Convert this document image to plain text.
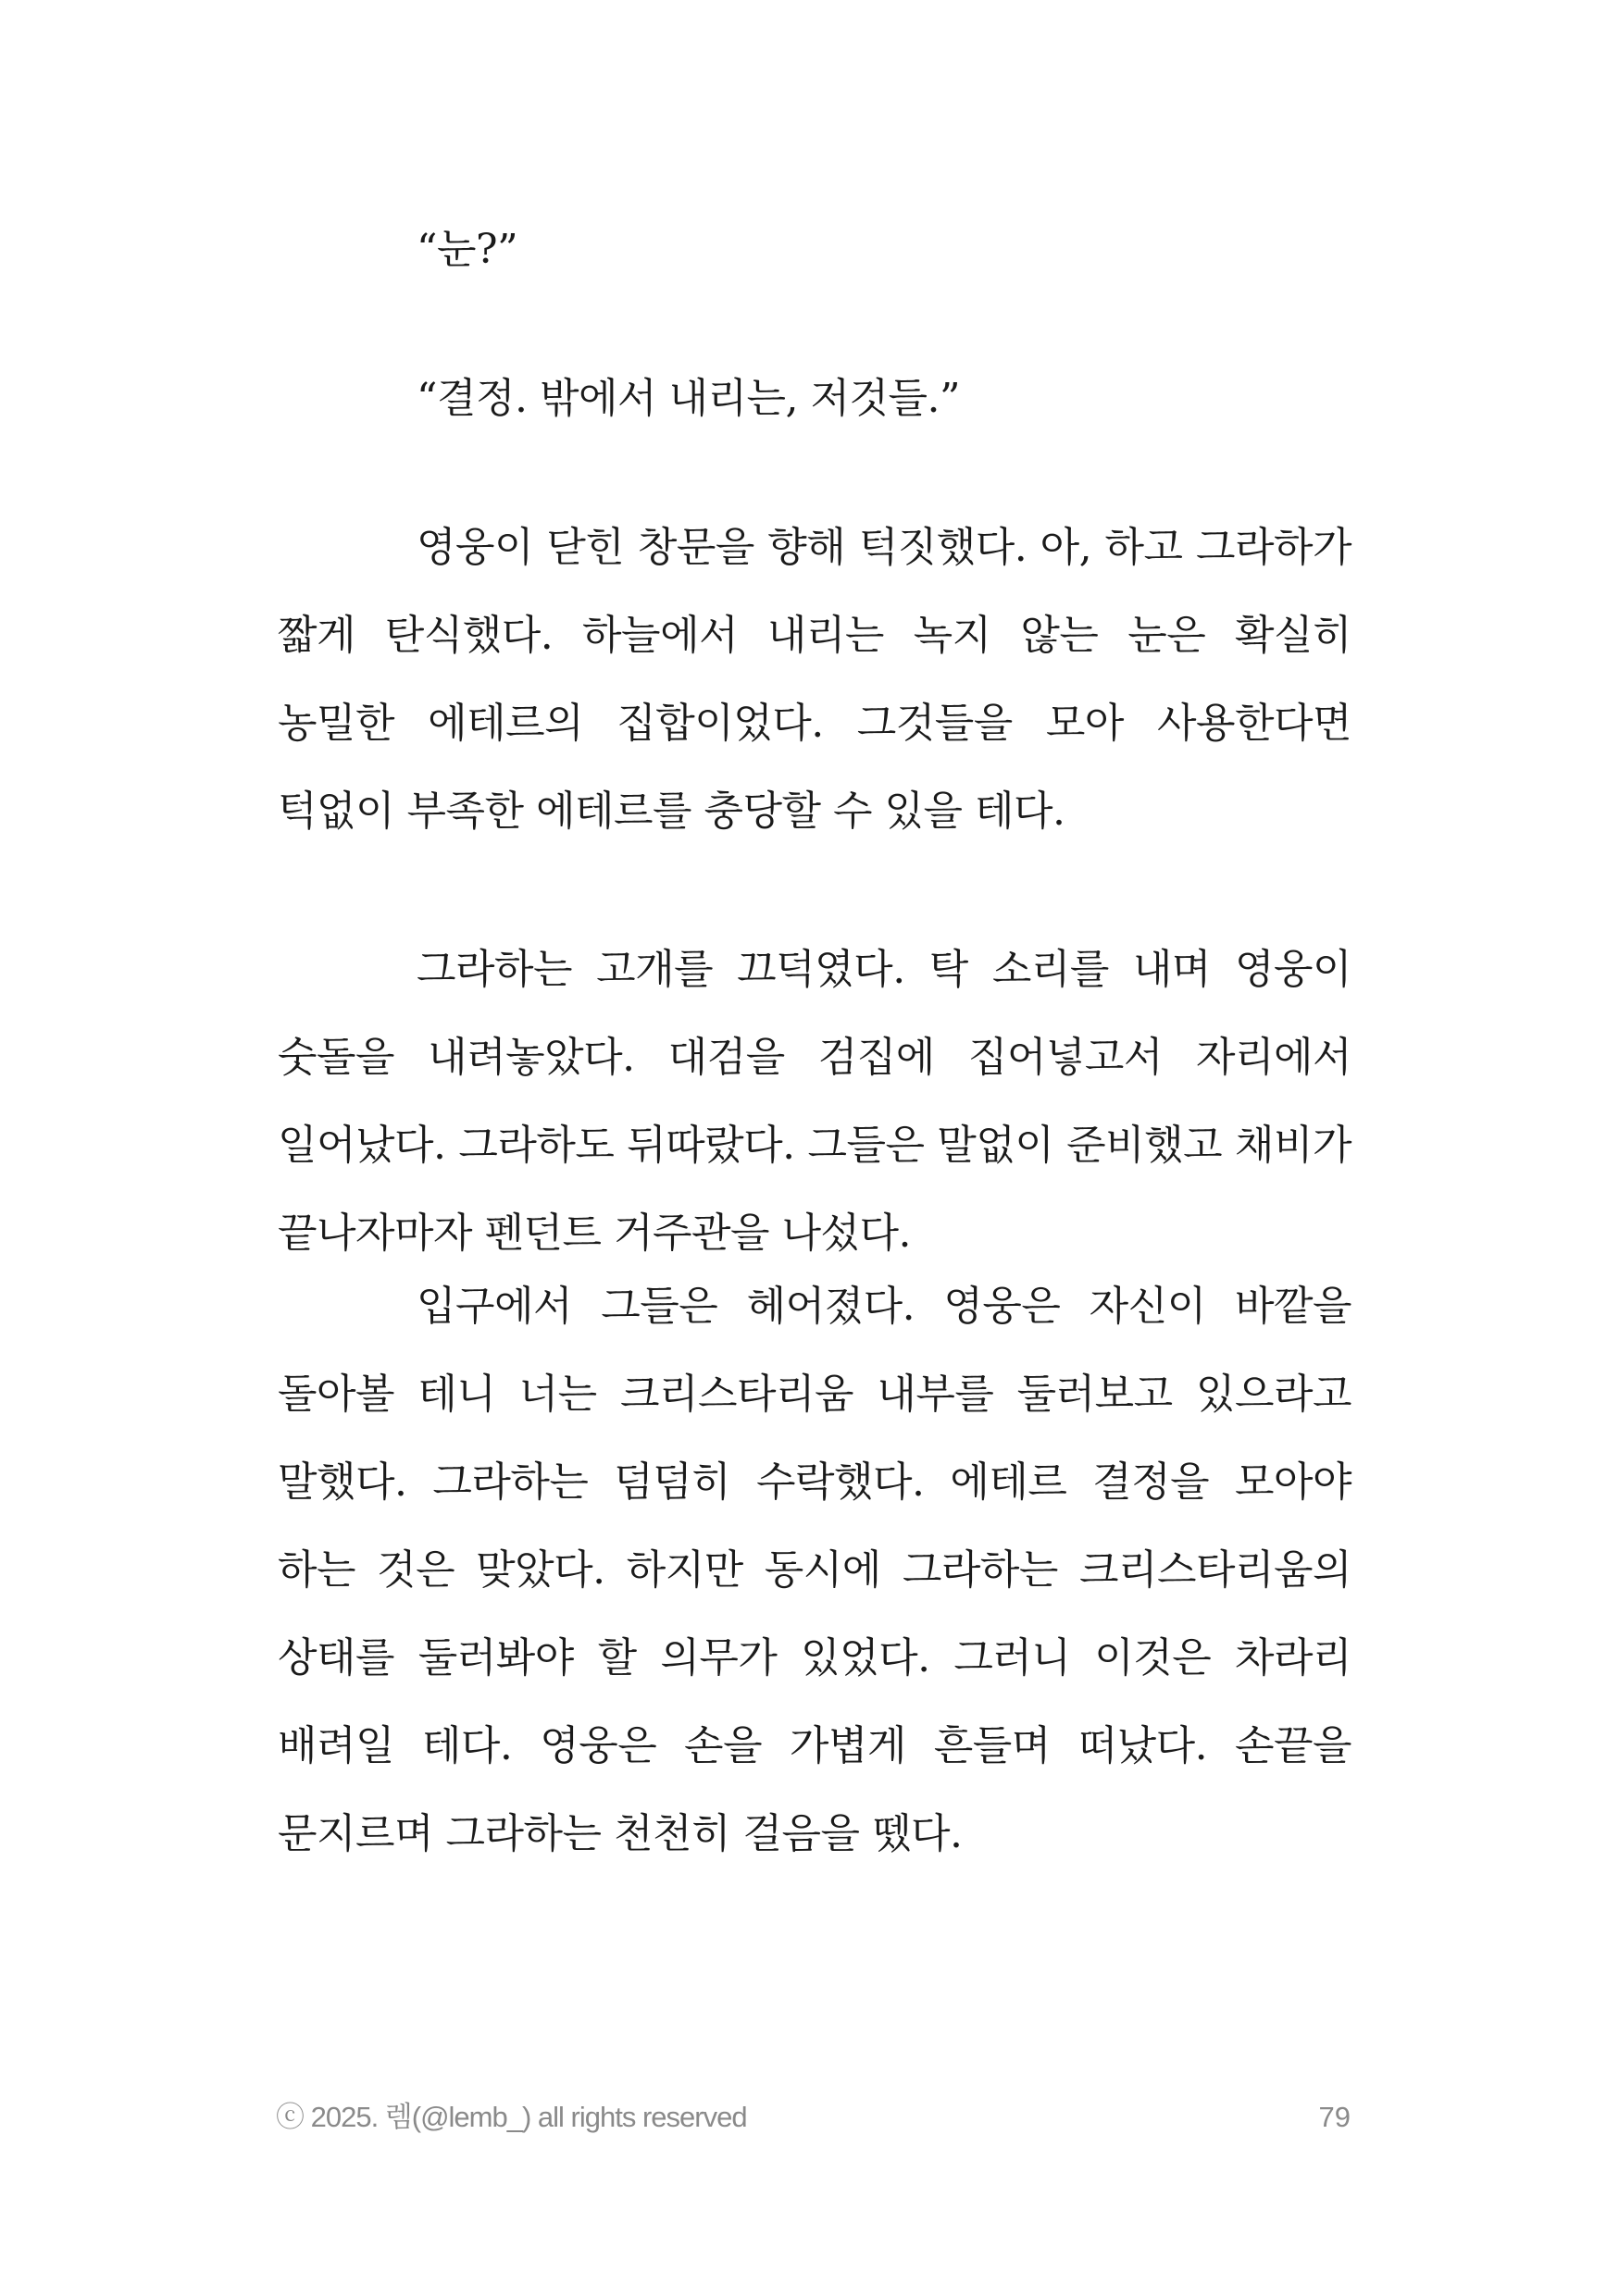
“눈?”

“결정. 밖에서 내리는, 저것들.”

영웅이 닫힌 창문을 향해 턱짓했다. 아, 하고 그라하가 짧게 탄식했다. 하늘에서 내리는 녹지 않는 눈은 확실히 농밀한 에테르의 집합이었다. 그것들을 모아 사용한다면 턱없이 부족한 에테르를 충당할 수 있을 테다.

그라하는 고개를 끄덕였다. 탁 소리를 내며 영웅이 숫돌을 내려놓았다. 대검을 검집에 집어넣고서 자리에서 일어났다. 그라하도 뒤따랐다. 그들은 말없이 준비했고 채비가 끝나자마자 펜던트 거주관을 나섰다.

입구에서 그들은 헤어졌다. 영웅은 자신이 바깥을 돌아볼 테니 너는 크리스타리움 내부를 둘러보고 있으라고 말했다. 그라하는 덤덤히 수락했다. 에테르 결정을 모아야 하는 것은 맞았다. 하지만 동시에 그라하는 크리스타리움의 상태를 둘러봐야 할 의무가 있었다. 그러니 이것은 차라리 배려일 테다. 영웅은 손을 가볍게 흔들며 떠났다. 손끝을 문지르며 그라하는 천천히 걸음을 뗐다.

ⓒ 2025. 렘(@lemb_) all rights reserved	79
